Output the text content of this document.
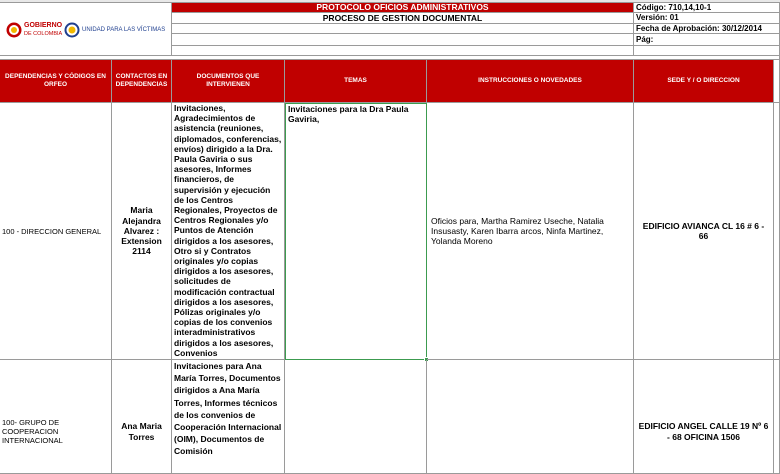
GOBIERNO
DE COLOMBIA
UNIDAD PARA LAS VÍCTIMAS
PROTOCOLO OFICIOS ADMINISTRATIVOS
PROCESO DE GESTION DOCUMENTAL
Código: 710,14,10-1
Versión: 01
Fecha de Aprobación: 30/12/2014
Pág:
DEPENDENCIAS Y CÓDIGOS EN ORFEO
CONTACTOS EN DEPENDENCIAS
DOCUMENTOS QUE INTERVIENEN
TEMAS	INSTRUCCIONES O NOVEDADES	SEDE Y / O DIRECCION
100 - DIRECCION GENERAL
Maria Alejandra Alvarez : Extension 2114
Invitaciones, Agradecimientos de asistencia (reuniones, diplomados, conferencias, envíos) dirigido a la Dra. Paula Gaviria o sus asesores, Informes financieros, de supervisión y ejecución de los Centros Regionales, Proyectos de Centros Regionales y/o Puntos de Atención dirigidos a los asesores, Otro si y Contratos originales y/o copias dirigidos a los asesores, solicitudes de modificación contractual dirigidos a los asesores, Pólizas originales y/o copias de los convenios interadministrativos dirigidos a los asesores, Convenios
Invitaciones para la Dra Paula Gaviria,
Oficios para, Martha Ramirez Useche, Natalia Insusasty, Karen Ibarra arcos, Ninfa Martinez, Yolanda Moreno
EDIFICIO AVIANCA CL 16 # 6 - 66
100- GRUPO DE COOPERACION INTERNACIONAL
Ana Maria Torres
Invitaciones para Ana María Torres, Documentos dirigidos a Ana María Torres, Informes técnicos de los convenios de Cooperación Internacional (OIM), Documentos de Comisión
EDIFICIO ANGEL CALLE 19 Nº 6 - 68 OFICINA 1506
